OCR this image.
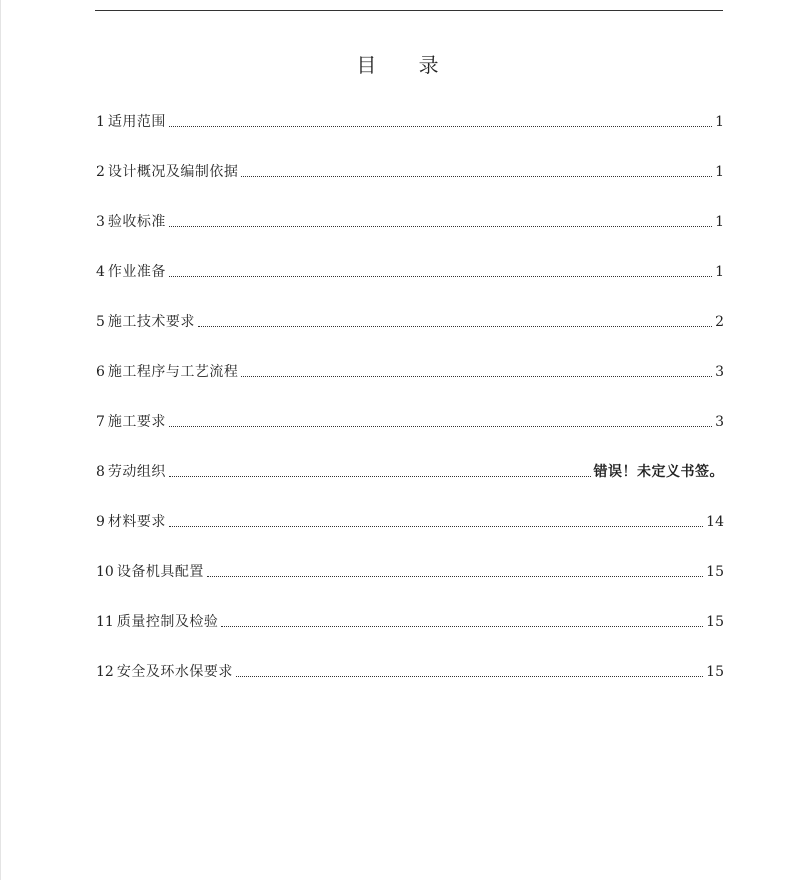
目 录
1 适用范围	1
2 设计概况及编制依据	1
3 验收标准	1
4 作业准备	1
5 施工技术要求	2
6 施工程序与工艺流程	3
7 施工要求	3
8 劳动组织	错误！未定义书签。
9 材料要求	14
10 设备机具配置	15
11 质量控制及检验	15
12 安全及环水保要求	15
